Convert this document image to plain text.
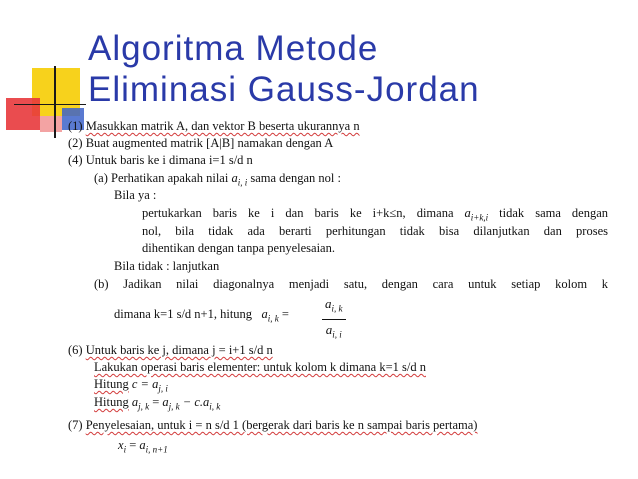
Algoritma Metode
Eliminasi Gauss-Jordan
(1) Masukkan matrik A, dan vektor B beserta ukurannya n
(2) Buat augmented matrik [A|B] namakan dengan A
(4) Untuk baris ke i dimana i=1 s/d n
(a) Perhatikan apakah nilai $a_{i, i}$ sama dengan nol :
Bila ya :
pertukarkan baris ke i dan baris ke i+k≤n, dimana $a_{i+k,i}$ tidak sama dengan
nol, bila tidak ada berarti perhitungan tidak bisa dilanjutkan dan proses
dihentikan dengan tanpa penyelesaian.
Bila tidak : lanjutkan
(b) Jadikan nilai diagonalnya menjadi satu, dengan cara untuk setiap kolom k
dimana k=1 s/d n+1, hitung $a_{i, k}$ =	$\frac{a_{i, k}}{a_{i, i}}$
(6) Untuk baris ke j, dimana j = i+1 s/d n
Lakukan operasi baris elementer: untuk kolom k dimana k=1 s/d n
Hitung $c = a_{j, i}$
Hitung $a_{j, k} = a_{j, k} - c.a_{i, k}$
(7) Penyelesaian, untuk i = n s/d 1 (bergerak dari baris ke n sampai baris pertama)
$x_i = a_{i, n+1}$
